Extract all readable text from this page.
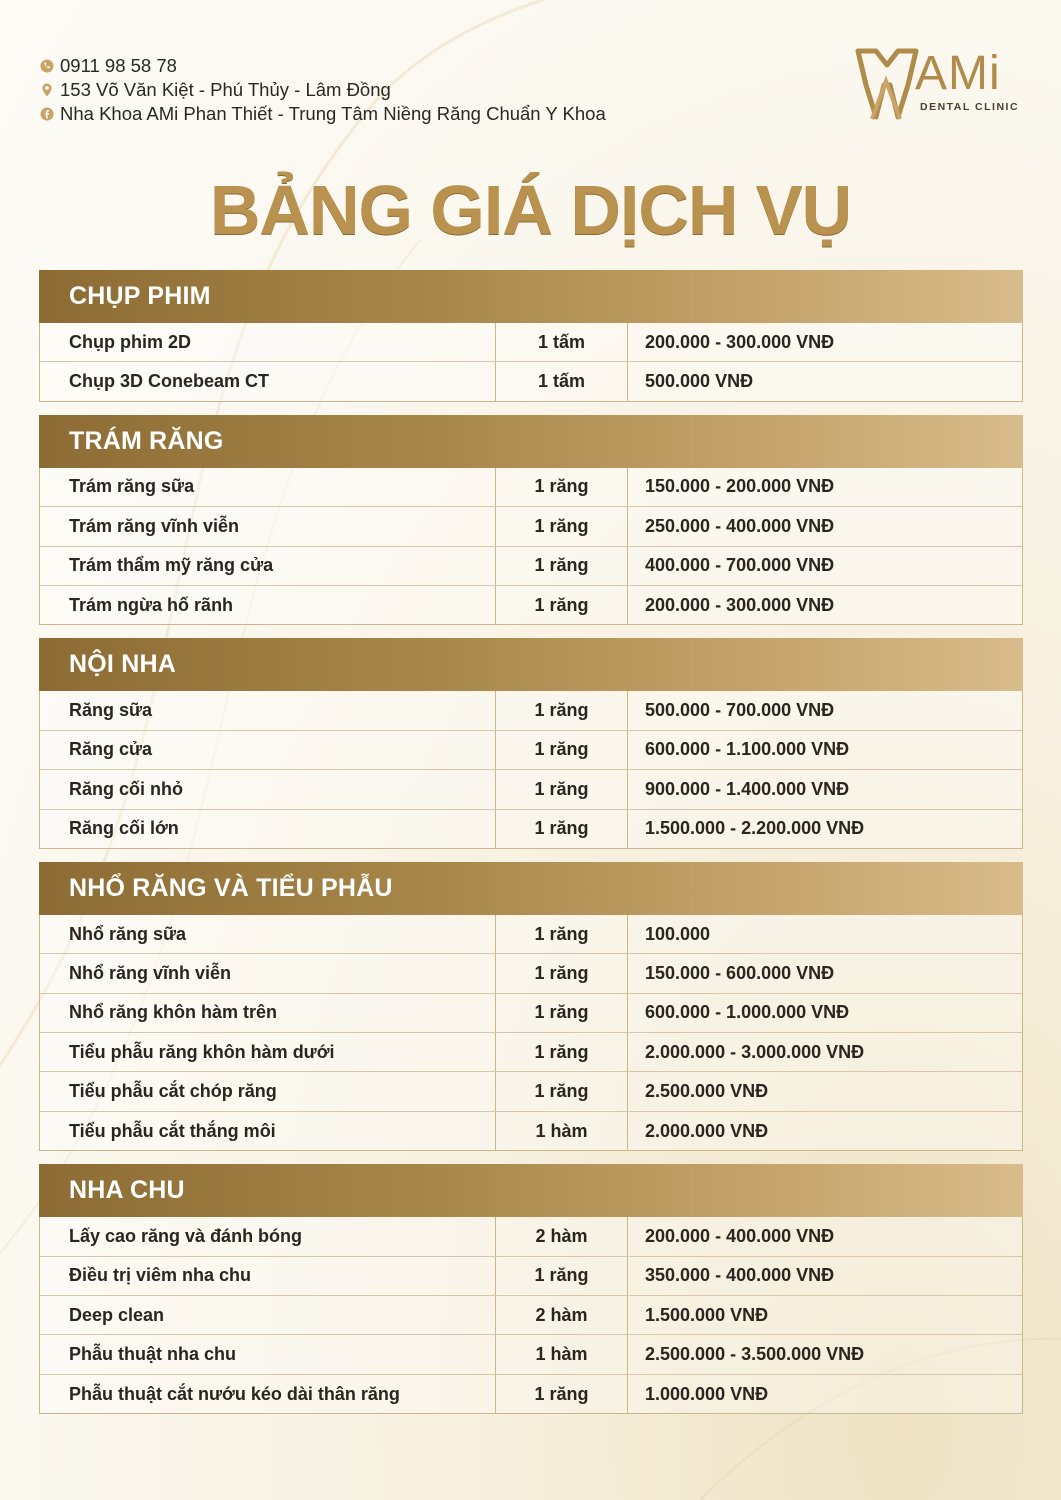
0911 98 58 78
153 Võ Văn Kiệt - Phú Thủy - Lâm Đồng
Nha Khoa AMi Phan Thiết - Trung Tâm Niềng Răng Chuẩn Y Khoa
AMi
DENTAL CLINIC
BẢNG GIÁ DỊCH VỤ
CHỤP PHIM
Chụp phim 2D	1 tấm	200.000 - 300.000 VNĐ
Chụp 3D Conebeam CT	1 tấm	500.000 VNĐ
TRÁM RĂNG
Trám răng sữa	1 răng	150.000 - 200.000 VNĐ
Trám răng vĩnh viễn	1 răng	250.000 - 400.000 VNĐ
Trám thẩm mỹ răng cửa	1 răng	400.000 - 700.000 VNĐ
Trám ngừa hố rãnh	1 răng	200.000 - 300.000 VNĐ
NỘI NHA
Răng sữa	1 răng	500.000 - 700.000 VNĐ
Răng cửa	1 răng	600.000 - 1.100.000 VNĐ
Răng cối nhỏ	1 răng	900.000 - 1.400.000 VNĐ
Răng cối lớn	1 răng	1.500.000 - 2.200.000 VNĐ
NHỔ RĂNG VÀ TIỂU PHẪU
Nhổ răng sữa	1 răng	100.000
Nhổ răng vĩnh viễn	1 răng	150.000 - 600.000 VNĐ
Nhổ răng khôn hàm trên	1 răng	600.000 - 1.000.000 VNĐ
Tiểu phẫu răng khôn hàm dưới	1 răng	2.000.000 - 3.000.000 VNĐ
Tiểu phẫu cắt chóp răng	1 răng	2.500.000 VNĐ
Tiểu phẫu cắt thắng môi	1 hàm	2.000.000 VNĐ
NHA CHU
Lấy cao răng và đánh bóng	2 hàm	200.000 - 400.000 VNĐ
Điều trị viêm nha chu	1 răng	350.000 - 400.000 VNĐ
Deep clean	2 hàm	1.500.000 VNĐ
Phẫu thuật nha chu	1 hàm	2.500.000 - 3.500.000 VNĐ
Phẫu thuật cắt nướu kéo dài thân răng	1 răng	1.000.000 VNĐ
